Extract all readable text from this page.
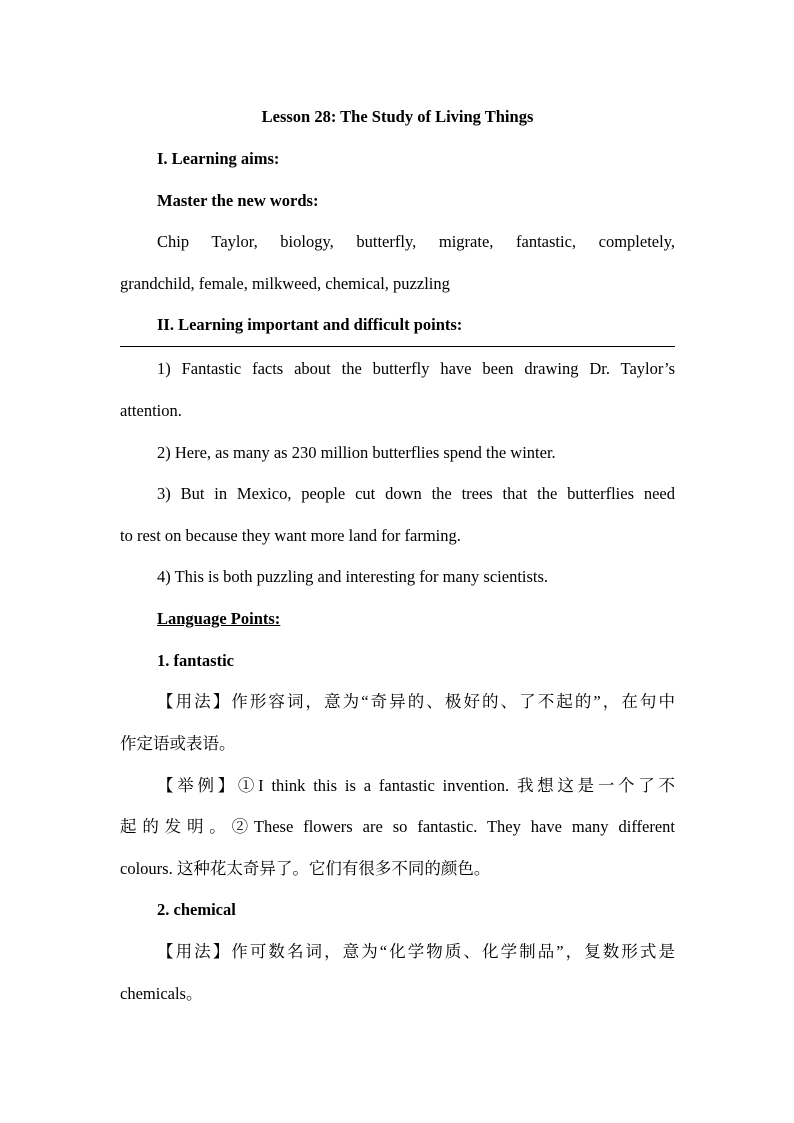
Lesson 28: The Study of Living Things
I. Learning aims:
Master the new words:
Chip Taylor, biology, butterfly, migrate, fantastic, completely,
grandchild, female, milkweed, chemical, puzzling
II. Learning important and difficult points:
1) Fantastic facts about the butterfly have been drawing Dr. Taylor’s
attention.
2) Here, as many as 230 million butterflies spend the winter.
3) But in Mexico, people cut down the trees that the butterflies need
to rest on because they want more land for farming.
4) This is both puzzling and interesting for many scientists.
Language Points:
1. fantastic
【用法】作形容词，意为“奇异的、极好的、了不起的”，在句中
作定语或表语。
【举例】①I think this is a fantastic invention. 我想这是一个了不
起的发明。②These flowers are so fantastic. They have many different
colours. 这种花太奇异了。它们有很多不同的颜色。
2. chemical
【用法】作可数名词，意为“化学物质、化学制品”，复数形式是
chemicals。
